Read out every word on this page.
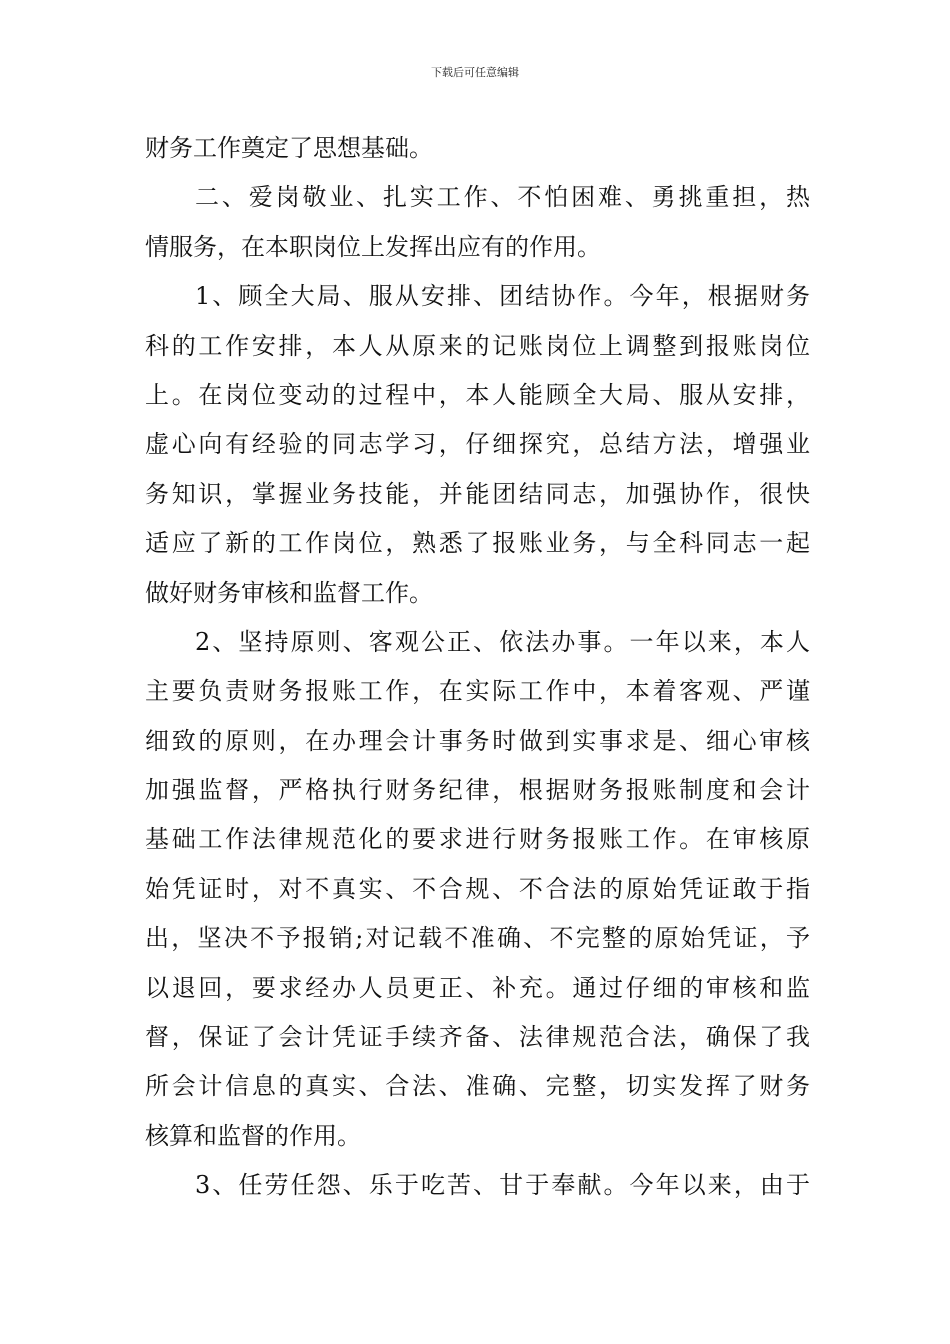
下载后可任意编辑
财务工作奠定了思想基础。
二、爱岗敬业、扎实工作、不怕困难、勇挑重担，热
情服务，在本职岗位上发挥出应有的作用。
1、顾全大局、服从安排、团结协作。今年，根据财务
科的工作安排，本人从原来的记账岗位上调整到报账岗位
上。在岗位变动的过程中，本人能顾全大局、服从安排，
虚心向有经验的同志学习，仔细探究，总结方法，增强业
务知识，掌握业务技能，并能团结同志，加强协作，很快
适应了新的工作岗位，熟悉了报账业务，与全科同志一起
做好财务审核和监督工作。
2、坚持原则、客观公正、依法办事。一年以来，本人
主要负责财务报账工作，在实际工作中，本着客观、严谨
细致的原则，在办理会计事务时做到实事求是、细心审核
加强监督，严格执行财务纪律，根据财务报账制度和会计
基础工作法律规范化的要求进行财务报账工作。在审核原
始凭证时，对不真实、不合规、不合法的原始凭证敢于指
出，坚决不予报销;对记载不准确、不完整的原始凭证，予
以退回，要求经办人员更正、补充。通过仔细的审核和监
督，保证了会计凭证手续齐备、法律规范合法，确保了我
所会计信息的真实、合法、准确、完整，切实发挥了财务
核算和监督的作用。
3、任劳任怨、乐于吃苦、甘于奉献。今年以来，由于
